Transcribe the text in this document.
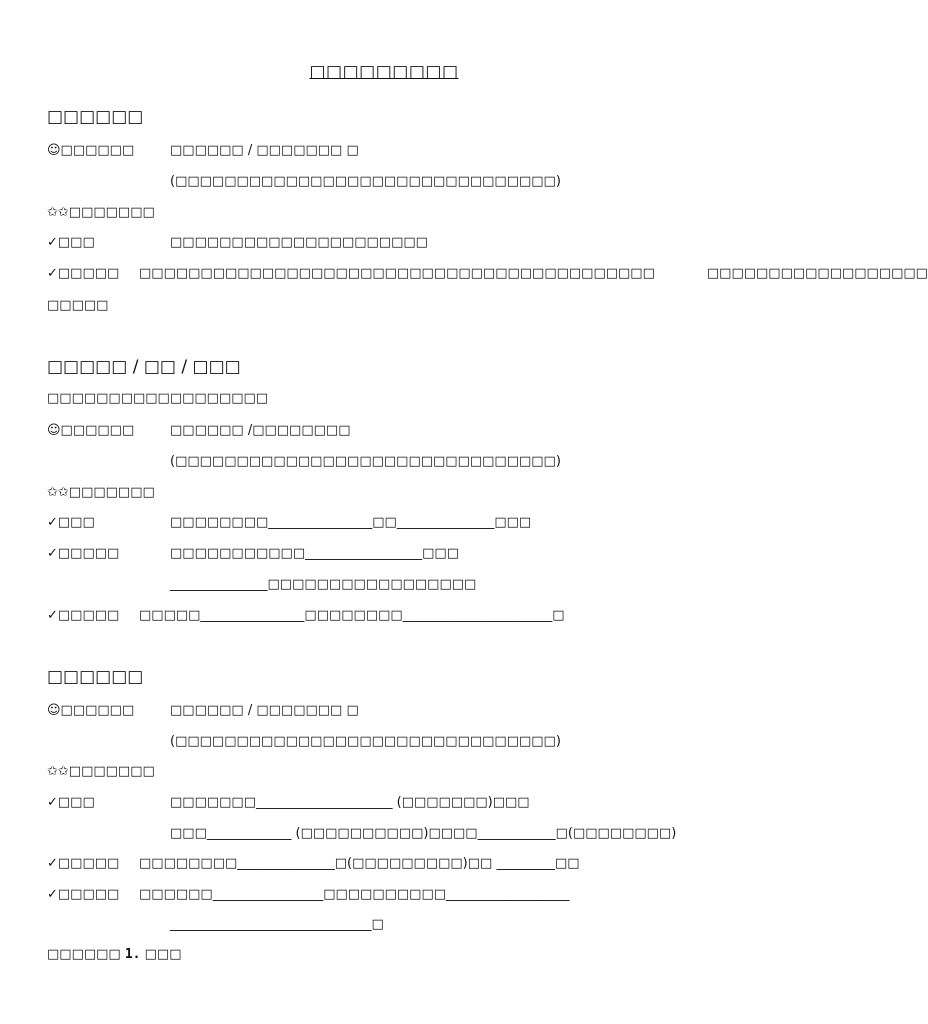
□□□□□□□□□
□□□□□□
☺□□□□□□	□□□□□□ / □□□□□□□ □
(□□□□□□□□□□□□□□□□□□□□□□□□□□□□□□□)
✩✩□□□□□□□
✓□□□	□□□□□□□□□□□□□□□□□□□□□
✓□□□□□ □□□□□□□□□□□□□□□□□□□□□□□□□□□□□□□□□□□□□□□□□□	□□□□□□□□□□□□□□□□□□
□□□□□
□□□□□ / □□ / □□□
□□□□□□□□□□□□□□□□□□
☺□□□□□□	□□□□□□ /□□□□□□□□
(□□□□□□□□□□□□□□□□□□□□□□□□□□□□□□□)
✩✩□□□□□□□
✓□□□	□□□□□□□□________________□□_______________□□□
✓□□□□□	□□□□□□□□□□□__________________□□□
_______________□□□□□□□□□□□□□□□□□
✓□□□□□ □□□□□________________□□□□□□□□_______________________□
□□□□□□
☺□□□□□□	□□□□□□ / □□□□□□□ □
(□□□□□□□□□□□□□□□□□□□□□□□□□□□□□□□)
✩✩□□□□□□□
✓□□□	□□□□□□□_____________________ (□□□□□□□)□□□
□□□_____________ (□□□□□□□□□□)□□□□____________□(□□□□□□□□)
✓□□□□□ □□□□□□□□_______________□(□□□□□□□□□)□□ _________□□
✓□□□□□ □□□□□□_________________□□□□□□□□□□___________________
_______________________________□
□□□□□□ 1. □□□
